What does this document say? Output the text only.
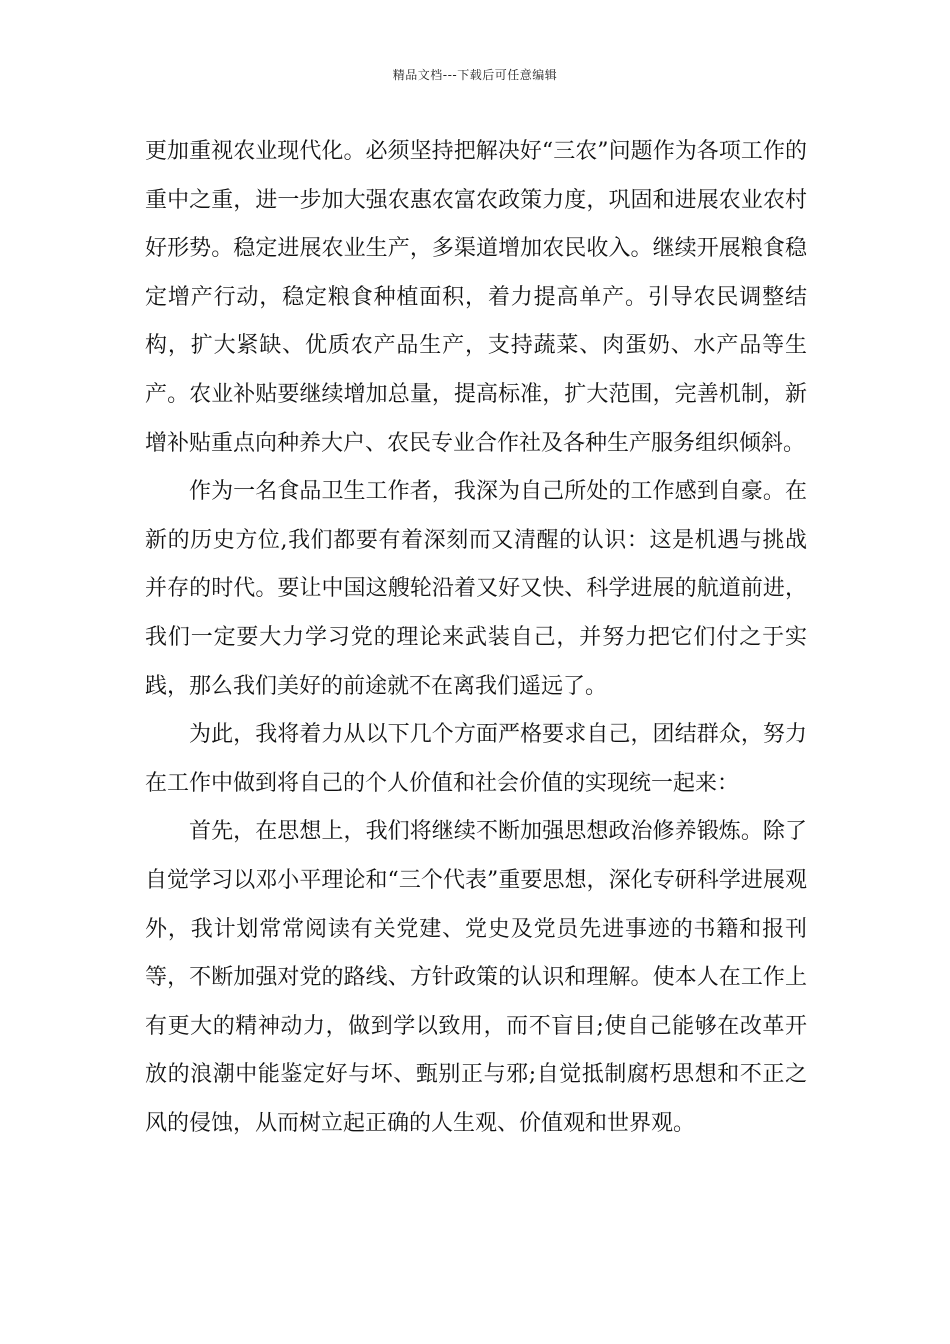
精品文档---下载后可任意编辑

更加重视农业现代化。必须坚持把解决好“三农”问题作为各项工作的重中之重，进一步加大强农惠农富农政策力度，巩固和进展农业农村好形势。稳定进展农业生产，多渠道增加农民收入。继续开展粮食稳定增产行动，稳定粮食种植面积，着力提高单产。引导农民调整结构，扩大紧缺、优质农产品生产，支持蔬菜、肉蛋奶、水产品等生产。农业补贴要继续增加总量，提高标准，扩大范围，完善机制，新增补贴重点向种养大户、农民专业合作社及各种生产服务组织倾斜。

作为一名食品卫生工作者，我深为自己所处的工作感到自豪。在新的历史方位,我们都要有着深刻而又清醒的认识：这是机遇与挑战并存的时代。要让中国这艘轮沿着又好又快、科学进展的航道前进，我们一定要大力学习党的理论来武装自己，并努力把它们付之于实践，那么我们美好的前途就不在离我们遥远了。

为此，我将着力从以下几个方面严格要求自己，团结群众，努力在工作中做到将自己的个人价值和社会价值的实现统一起来：

首先，在思想上，我们将继续不断加强思想政治修养锻炼。除了自觉学习以邓小平理论和“三个代表”重要思想，深化专研科学进展观外，我计划常常阅读有关党建、党史及党员先进事迹的书籍和报刊等，不断加强对党的路线、方针政策的认识和理解。使本人在工作上有更大的精神动力，做到学以致用，而不盲目;使自己能够在改革开放的浪潮中能鉴定好与坏、甄别正与邪;自觉抵制腐朽思想和不正之风的侵蚀，从而树立起正确的人生观、价值观和世界观。
